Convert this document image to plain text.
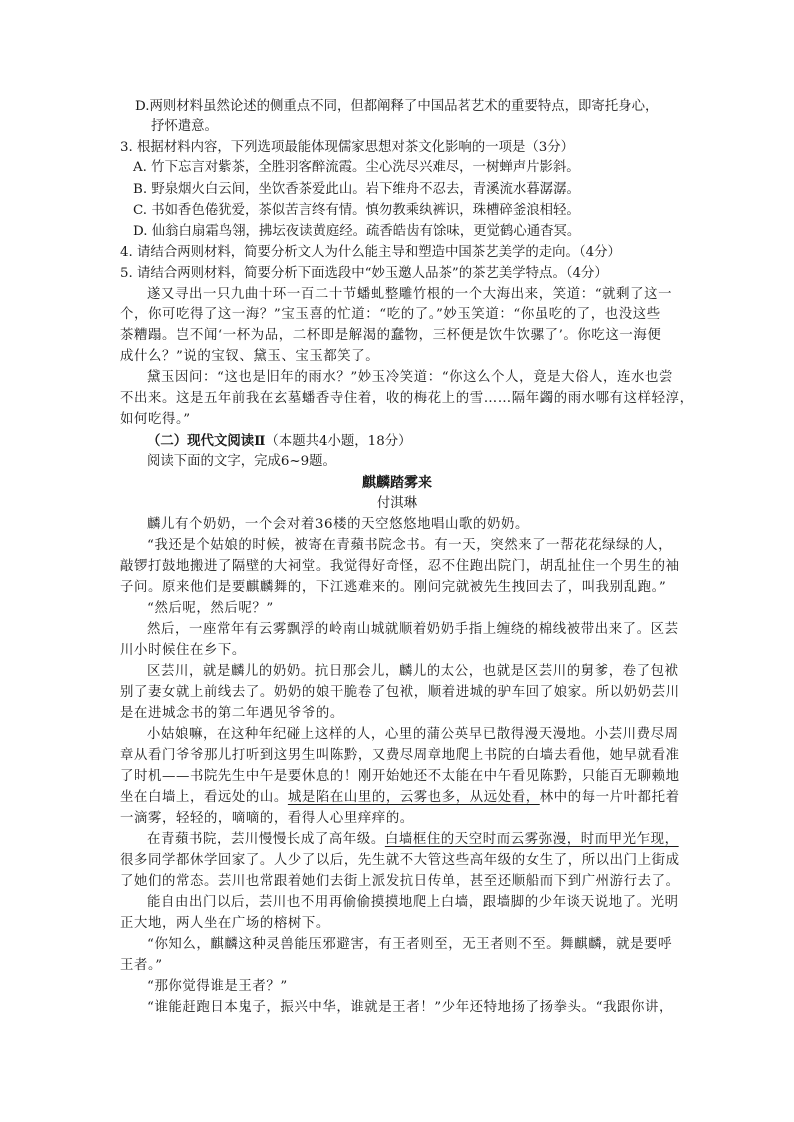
D.两则材料虽然论述的侧重点不同，但都阐释了中国品茗艺术的重要特点，即寄托身心，
抒怀遣意。
3. 根据材料内容，下列选项最能体现儒家思想对茶文化影响的一项是（3分）
A. 竹下忘言对紫茶，全胜羽客醉流霞。尘心洗尽兴难尽，一树蝉声片影斜。
B. 野泉烟火白云间，坐饮香茶爱此山。岩下维舟不忍去，青溪流水暮潺潺。
C. 书如香色倦犹爱，茶似苦言终有情。慎勿教乘纨裤识，珠槽碎釜浪相轻。
D. 仙翁白扇霜鸟翎，拂坛夜读黄庭经。疏香皓齿有馀味，更觉鹤心通杳冥。
4. 请结合两则材料，简要分析文人为什么能主导和塑造中国茶艺美学的走向。（4分）
5. 请结合两则材料，简要分析下面选段中“妙玉邀人品茶”的茶艺美学特点。（4分）
遂又寻出一只九曲十环一百二十节蟠虬整雕竹根的一个大海出来，笑道：“就剩了这一
个，你可吃得了这一海？”宝玉喜的忙道：“吃的了。”妙玉笑道：“你虽吃的了，也没这些
茶糟蹋。岂不闻‘一杯为品，二杯即是解渴的蠢物，三杯便是饮牛饮骡了’。你吃这一海便
成什么？”说的宝钗、黛玉、宝玉都笑了。
黛玉因问：“这也是旧年的雨水？”妙玉冷笑道：“你这么个人，竟是大俗人，连水也尝
不出来。这是五年前我在玄墓蟠香寺住着，收的梅花上的雪……隔年蠲的雨水哪有这样轻淳，
如何吃得。”
（二）现代文阅读Ⅱ（本题共4小题，18分）
阅读下面的文字，完成6~9题。
麒麟踏雾来
付淇琳
麟儿有个奶奶，一个会对着36楼的天空悠悠地唱山歌的奶奶。
“我还是个姑娘的时候，被寄在青蘋书院念书。有一天，突然来了一帮花花绿绿的人，
敲锣打鼓地搬进了隔壁的大祠堂。我觉得好奇怪，忍不住跑出院门，胡乱扯住一个男生的袖
子问。原来他们是要麒麟舞的，下江逃难来的。刚问完就被先生拽回去了，叫我别乱跑。”
“然后呢，然后呢？”
然后，一座常年有云雾飘浮的岭南山城就顺着奶奶手指上缠绕的棉线被带出来了。区芸
川小时候住在乡下。
区芸川，就是麟儿的奶奶。抗日那会儿，麟儿的太公，也就是区芸川的舅爹，卷了包袱
别了妻女就上前线去了。奶奶的娘干脆卷了包袱，顺着进城的驴车回了娘家。所以奶奶芸川
是在进城念书的第二年遇见爷爷的。
小姑娘嘛，在这种年纪碰上这样的人，心里的蒲公英早已散得漫天漫地。小芸川费尽周
章从看门爷爷那儿打听到这男生叫陈黔，又费尽周章地爬上书院的白墙去看他，她早就看准
了时机——书院先生中午是要休息的！刚开始她还不太能在中午看见陈黔，只能百无聊赖地
坐在白墙上，看远处的山。城是陷在山里的，云雾也多，从远处看，林中的每一片叶都托着
一滴雾，轻轻的，嘀嘀的，看得人心里痒痒的。
在青蘋书院，芸川慢慢长成了高年级。白墙框住的天空时而云雾弥漫，时而甲光乍现，
很多同学都休学回家了。人少了以后，先生就不大管这些高年级的女生了，所以出门上街成
了她们的常态。芸川也常跟着她们去街上派发抗日传单，甚至还顺船而下到广州游行去了。
能自由出门以后，芸川也不用再偷偷摸摸地爬上白墙，跟墙脚的少年谈天说地了。光明
正大地，两人坐在广场的榕树下。
“你知么，麒麟这种灵兽能压邪避害，有王者则至，无王者则不至。舞麒麟，就是要呼
王者。”
“那你觉得谁是王者？”
“谁能赶跑日本鬼子，振兴中华，谁就是王者！”少年还特地扬了扬拳头。“我跟你讲，
